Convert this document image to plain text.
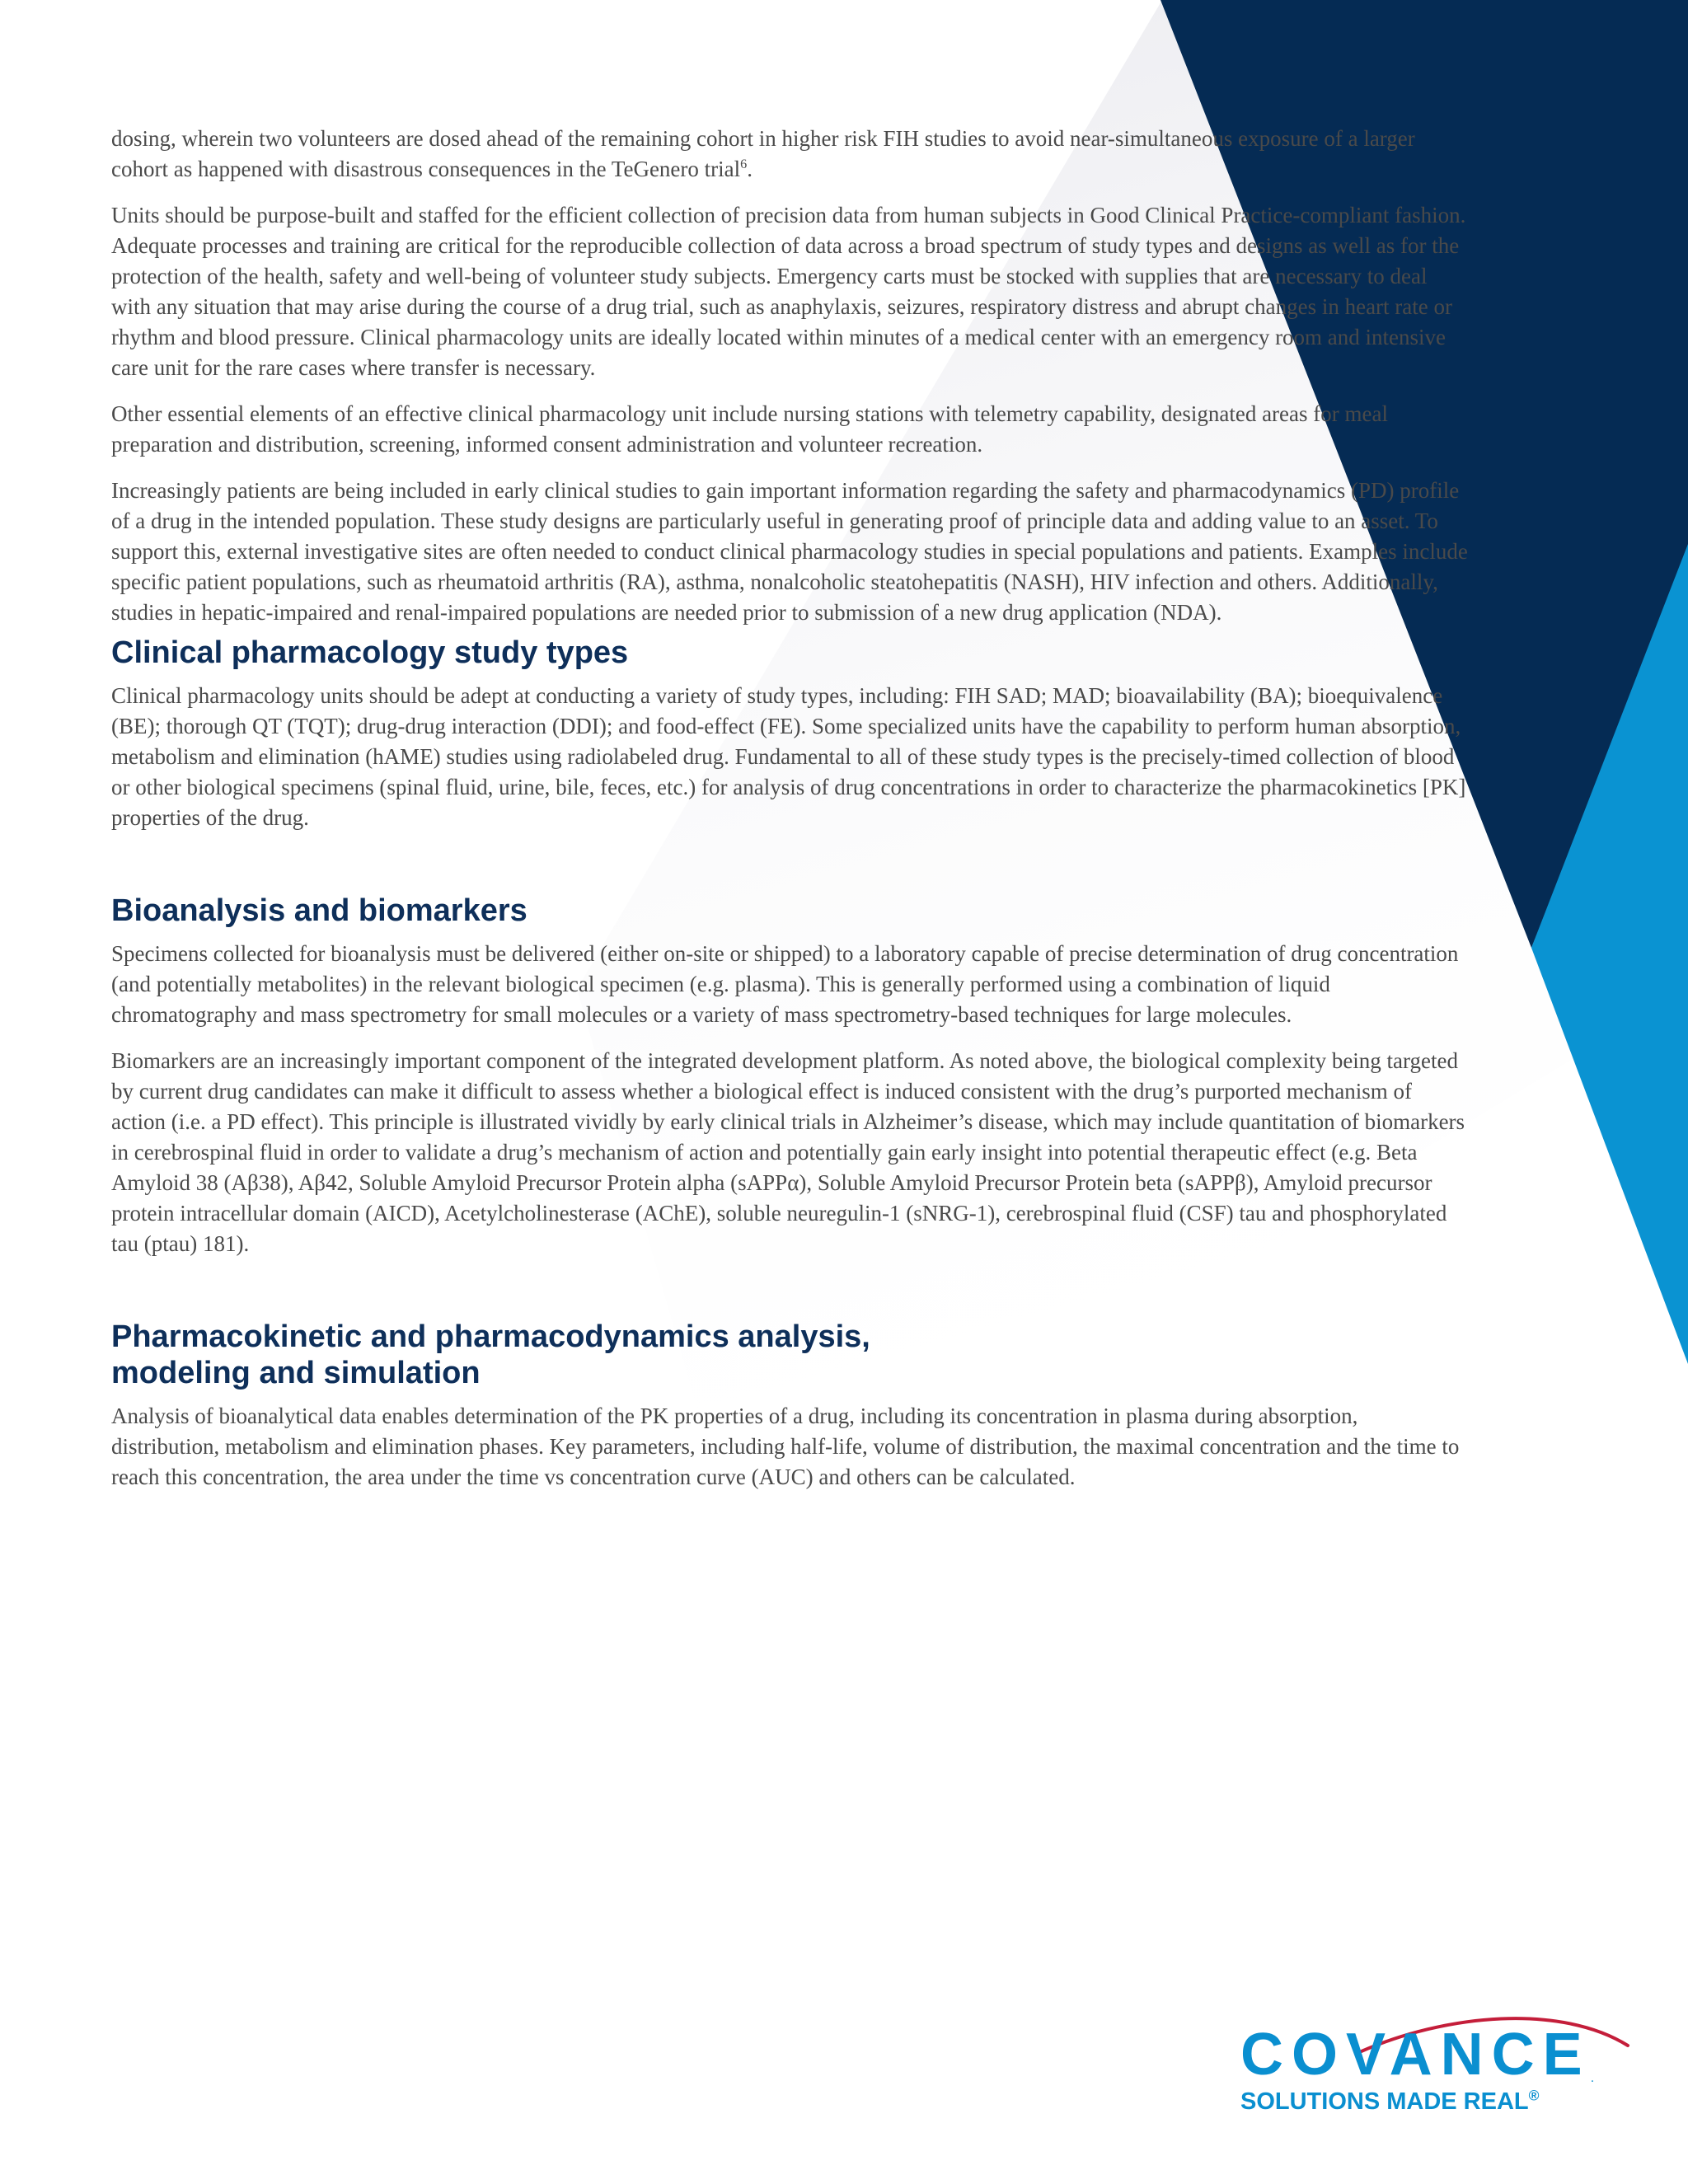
dosing, wherein two volunteers are dosed ahead of the remaining cohort in higher risk FIH studies to avoid near-simultaneous exposure of a larger cohort as happened with disastrous consequences in the TeGenero trial$^6$.

Units should be purpose-built and staffed for the efficient collection of precision data from human subjects in Good Clinical Practice-compliant fashion. Adequate processes and training are critical for the reproducible collection of data across a broad spectrum of study types and designs as well as for the protection of the health, safety and well-being of volunteer study subjects. Emergency carts must be stocked with supplies that are necessary to deal with any situation that may arise during the course of a drug trial, such as anaphylaxis, seizures, respiratory distress and abrupt changes in heart rate or rhythm and blood pressure. Clinical pharmacology units are ideally located within minutes of a medical center with an emergency room and intensive care unit for the rare cases where transfer is necessary.

Other essential elements of an effective clinical pharmacology unit include nursing stations with telemetry capability, designated areas for meal preparation and distribution, screening, informed consent administration and volunteer recreation.

Increasingly patients are being included in early clinical studies to gain important information regarding the safety and pharmacodynamics (PD) profile of a drug in the intended population. These study designs are particularly useful in generating proof of principle data and adding value to an asset. To support this, external investigative sites are often needed to conduct clinical pharmacology studies in special populations and patients. Examples include specific patient populations, such as rheumatoid arthritis (RA), asthma, nonalcoholic steatohepatitis (NASH), HIV infection and others. Additionally, studies in hepatic-impaired and renal-impaired populations are needed prior to submission of a new drug application (NDA).

Clinical pharmacology study types

Clinical pharmacology units should be adept at conducting a variety of study types, including: FIH SAD; MAD; bioavailability (BA); bioequivalence (BE); thorough QT (TQT); drug-drug interaction (DDI); and food-effect (FE). Some specialized units have the capability to perform human absorption, metabolism and elimination (hAME) studies using radiolabeled drug. Fundamental to all of these study types is the precisely-timed collection of blood or other biological specimens (spinal fluid, urine, bile, feces, etc.) for analysis of drug concentrations in order to characterize the pharmacokinetics [PK] properties of the drug.

Bioanalysis and biomarkers

Specimens collected for bioanalysis must be delivered (either on-site or shipped) to a laboratory capable of precise determination of drug concentration (and potentially metabolites) in the relevant biological specimen (e.g. plasma). This is generally performed using a combination of liquid chromatography and mass spectrometry for small molecules or a variety of mass spectrometry-based techniques for large molecules.

Biomarkers are an increasingly important component of the integrated development platform. As noted above, the biological complexity being targeted by current drug candidates can make it difficult to assess whether a biological effect is induced consistent with the drug’s purported mechanism of action (i.e. a PD effect). This principle is illustrated vividly by early clinical trials in Alzheimer’s disease, which may include quantitation of biomarkers in cerebrospinal fluid in order to validate a drug’s mechanism of action and potentially gain early insight into potential therapeutic effect (e.g. Beta Amyloid 38 (Aβ38), Aβ42, Soluble Amyloid Precursor Protein alpha (sAPPα), Soluble Amyloid Precursor Protein beta (sAPPβ), Amyloid precursor protein intracellular domain (AICD), Acetylcholinesterase (AChE), soluble neuregulin-1 (sNRG-1), cerebrospinal fluid (CSF) tau and phosphorylated tau (ptau) 181).

Pharmacokinetic and pharmacodynamics analysis,
modeling and simulation

Analysis of bioanalytical data enables determination of the PK properties of a drug, including its concentration in plasma during absorption, distribution, metabolism and elimination phases. Key parameters, including half-life, volume of distribution, the maximal concentration and the time to reach this concentration, the area under the time vs concentration curve (AUC) and others can be calculated.

COVANCE.
SOLUTIONS MADE REAL®
